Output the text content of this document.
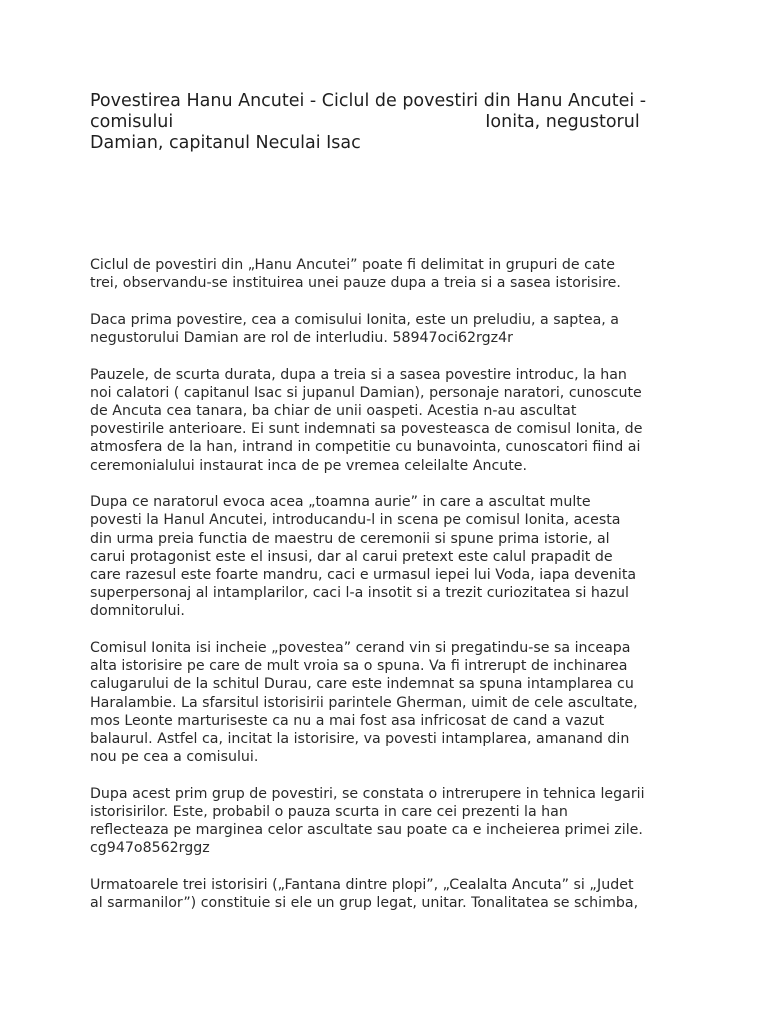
Povestirea Hanu Ancutei - Ciclul de povestiri din Hanu Ancutei -
comisului	Ionita, negustorul
Damian, capitanul Neculai Isac

Ciclul de povestiri din „Hanu Ancutei” poate fi delimitat in grupuri de cate
trei, observandu-se instituirea unei pauze dupa a treia si a sasea istorisire.

Daca prima povestire, cea a comisului Ionita, este un preludiu, a saptea, a
negustorului Damian are rol de interludiu. 58947oci62rgz4r

Pauzele, de scurta durata, dupa a treia si a sasea povestire introduc, la han
noi calatori ( capitanul Isac si jupanul Damian), personaje naratori, cunoscute
de Ancuta cea tanara, ba chiar de unii oaspeti. Acestia n-au ascultat
povestirile anterioare. Ei sunt indemnati sa povesteasca de comisul Ionita, de
atmosfera de la han, intrand in competitie cu bunavointa, cunoscatori fiind ai
ceremonialului instaurat inca de pe vremea celeilalte Ancute.

Dupa ce naratorul evoca acea „toamna aurie” in care a ascultat multe
povesti la Hanul Ancutei, introducandu-l in scena pe comisul Ionita, acesta
din urma preia functia de maestru de ceremonii si spune prima istorie, al
carui protagonist este el insusi, dar al carui pretext este calul prapadit de
care razesul este foarte mandru, caci e urmasul iepei lui Voda, iapa devenita
superpersonaj al intamplarilor, caci l-a insotit si a trezit curiozitatea si hazul
domnitorului.

Comisul Ionita isi incheie „povestea” cerand vin si pregatindu-se sa inceapa
alta istorisire pe care de mult vroia sa o spuna. Va fi intrerupt de inchinarea
calugarului de la schitul Durau, care este indemnat sa spuna intamplarea cu
Haralambie. La sfarsitul istorisirii parintele Gherman, uimit de cele ascultate,
mos Leonte marturiseste ca nu a mai fost asa infricosat de cand a vazut
balaurul. Astfel ca, incitat la istorisire, va povesti intamplarea, amanand din
nou pe cea a comisului.

Dupa acest prim grup de povestiri, se constata o intrerupere in tehnica legarii
istorisirilor. Este, probabil o pauza scurta in care cei prezenti la han
reflecteaza pe marginea celor ascultate sau poate ca e incheierea primei zile.
cg947o8562rggz

Urmatoarele trei istorisiri („Fantana dintre plopi”, „Cealalta Ancuta” si „Judet
al sarmanilor”) constituie si ele un grup legat, unitar. Tonalitatea se schimba,
